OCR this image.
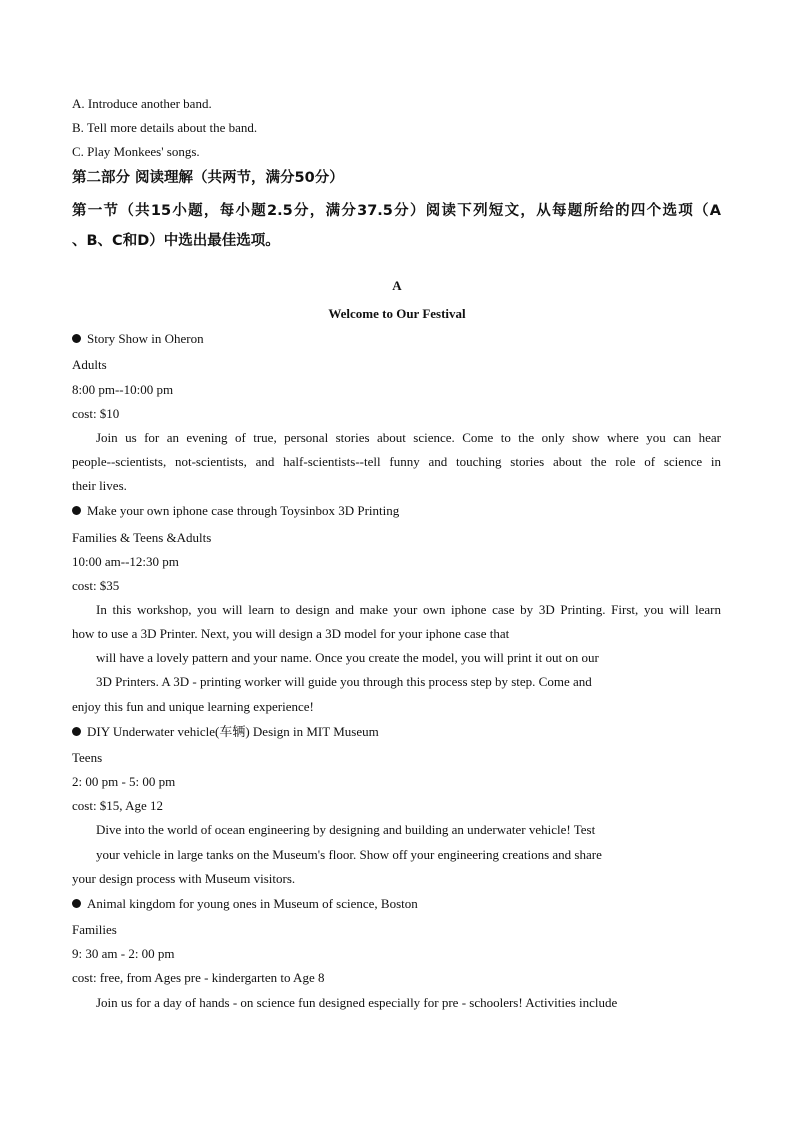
A. Introduce another band.
B. Tell more details about the band.
C. Play Monkees' songs.
第二部分 阅读理解（共两节，满分50分）
第一节（共15小题，每小题2.5分，满分37.5分）阅读下列短文，从每题所给的四个选项（A
、B、C和D）中选出最佳选项。
A
Welcome to Our Festival
Story Show in Oheron
Adults
8:00 pm--10:00 pm
cost: $10
Join us for an evening of true, personal stories about science. Come to the only show where you can hear
people--scientists, not-scientists, and half-scientists--tell funny and touching stories about the role of science in
their lives.
Make your own iphone case through Toysinbox 3D Printing
Families & Teens &Adults
10:00 am--12:30 pm
cost: $35
In this workshop, you will learn to design and make your own iphone case by 3D Printing. First, you will learn
how to use a 3D Printer. Next, you will design a 3D model for your iphone case that
will have a lovely pattern and your name. Once you create the model, you will print it out on our
3D Printers. A 3D - printing worker will guide you through this process step by step. Come and
enjoy this fun and unique learning experience!
DIY Underwater vehicle(车辆) Design in MIT Museum
Teens
2: 00 pm - 5: 00 pm
cost: $15, Age 12
Dive into the world of ocean engineering by designing and building an underwater vehicle! Test
your vehicle in large tanks on the Museum's floor. Show off your engineering creations and share
your design process with Museum visitors.
Animal kingdom for young ones in Museum of science, Boston
Families
9: 30 am - 2: 00 pm
cost: free, from Ages pre - kindergarten to Age 8
Join us for a day of hands - on science fun designed especially for pre - schoolers! Activities include
